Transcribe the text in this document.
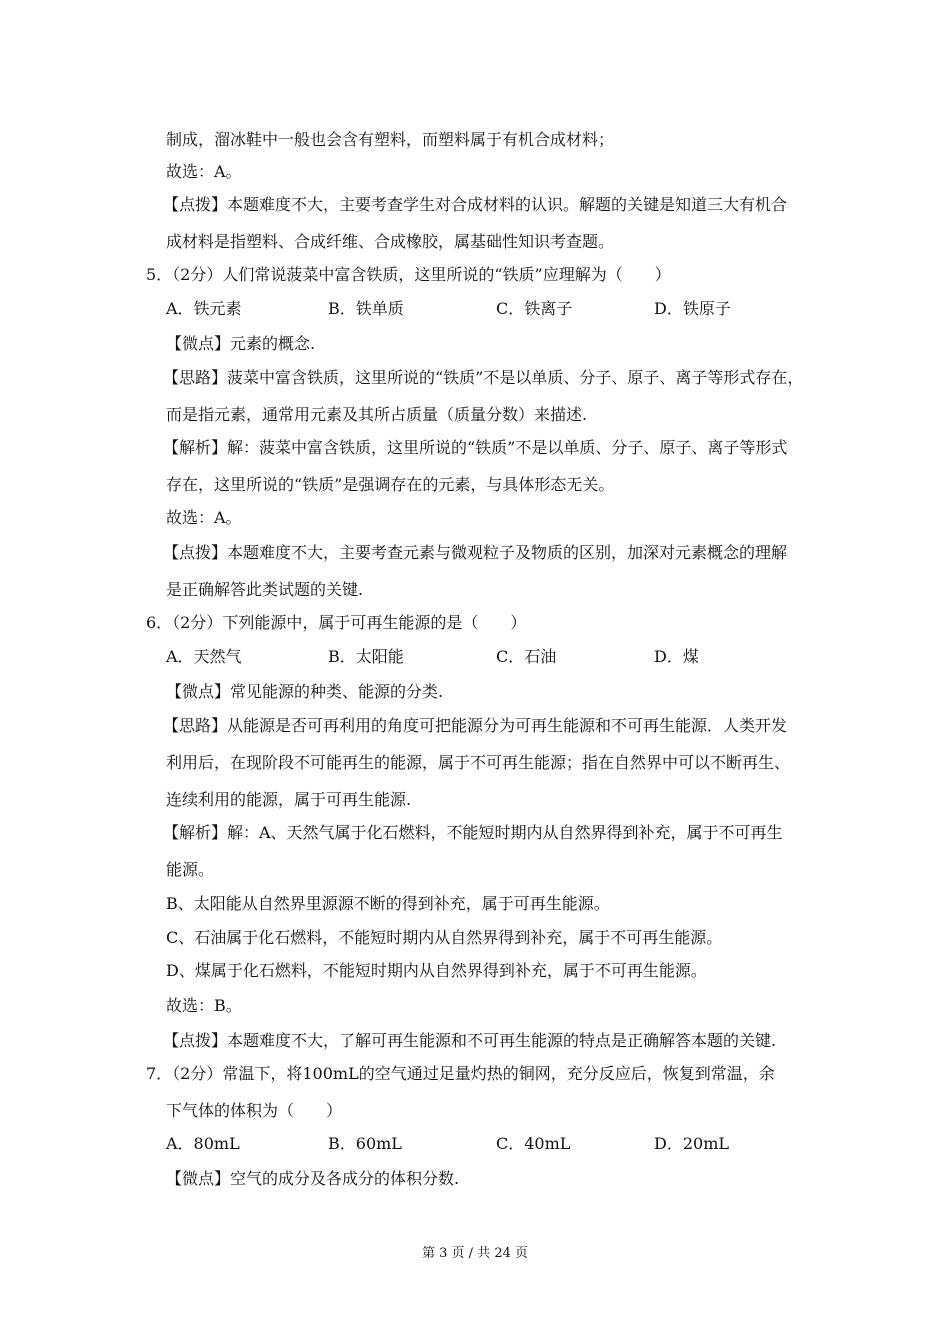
制成，溜冰鞋中一般也会含有塑料，而塑料属于有机合成材料；
故选：A。
【点拨】本题难度不大，主要考查学生对合成材料的认识。解题的关键是知道三大有机合
成材料是指塑料、合成纤维、合成橡胶，属基础性知识考查题。
5．（2分）人们常说菠菜中富含铁质，这里所说的“铁质”应理解为（　　）
A．铁元素	B．铁单质	C．铁离子	D．铁原子
【微点】元素的概念.
【思路】菠菜中富含铁质，这里所说的“铁质”不是以单质、分子、原子、离子等形式存在，
而是指元素，通常用元素及其所占质量（质量分数）来描述.
【解析】解：菠菜中富含铁质，这里所说的“铁质”不是以单质、分子、原子、离子等形式
存在，这里所说的“铁质”是强调存在的元素，与具体形态无关。
故选：A。
【点拨】本题难度不大，主要考查元素与微观粒子及物质的区别，加深对元素概念的理解
是正确解答此类试题的关键.
6．（2分）下列能源中，属于可再生能源的是（　　）
A．天然气	B．太阳能	C．石油	D．煤
【微点】常见能源的种类、能源的分类.
【思路】从能源是否可再利用的角度可把能源分为可再生能源和不可再生能源．人类开发
利用后，在现阶段不可能再生的能源，属于不可再生能源；指在自然界中可以不断再生、
连续利用的能源，属于可再生能源.
【解析】解：A、天然气属于化石燃料，不能短时期内从自然界得到补充，属于不可再生
能源。
B、太阳能从自然界里源源不断的得到补充，属于可再生能源。
C、石油属于化石燃料，不能短时期内从自然界得到补充，属于不可再生能源。
D、煤属于化石燃料，不能短时期内从自然界得到补充，属于不可再生能源。
故选：B。
【点拨】本题难度不大，了解可再生能源和不可再生能源的特点是正确解答本题的关键.
7．（2分）常温下，将100mL的空气通过足量灼热的铜网，充分反应后，恢复到常温，余
下气体的体积为（　　）
A．80mL	B．60mL	C．40mL	D．20mL
【微点】空气的成分及各成分的体积分数.
第 3 页 / 共 24 页
